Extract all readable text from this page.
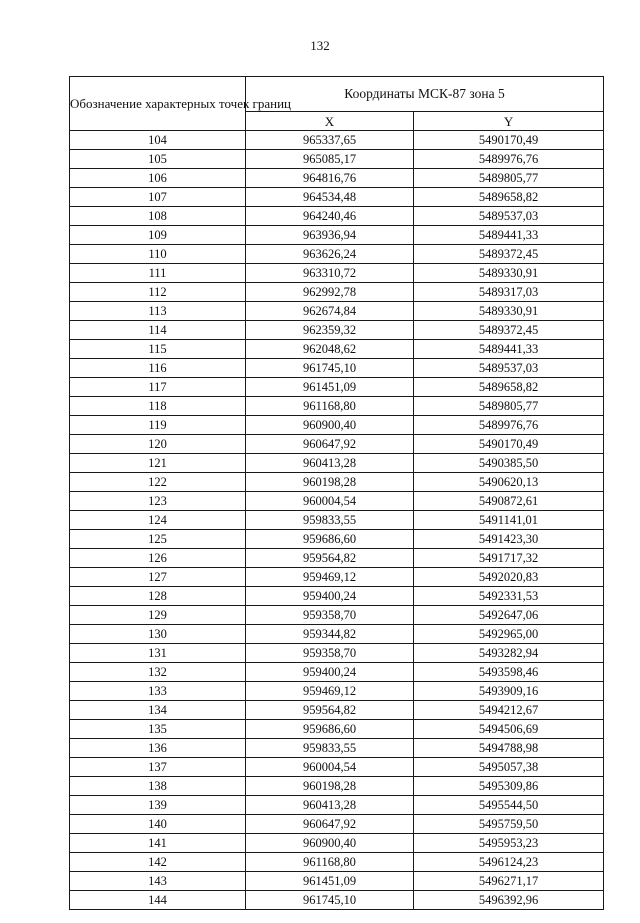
132
Обозначение характерных точек границ	Координаты МСК-87 зона 5	
	X	Y
104	965337,65	5490170,49
105	965085,17	5489976,76
106	964816,76	5489805,77
107	964534,48	5489658,82
108	964240,46	5489537,03
109	963936,94	5489441,33
110	963626,24	5489372,45
111	963310,72	5489330,91
112	962992,78	5489317,03
113	962674,84	5489330,91
114	962359,32	5489372,45
115	962048,62	5489441,33
116	961745,10	5489537,03
117	961451,09	5489658,82
118	961168,80	5489805,77
119	960900,40	5489976,76
120	960647,92	5490170,49
121	960413,28	5490385,50
122	960198,28	5490620,13
123	960004,54	5490872,61
124	959833,55	5491141,01
125	959686,60	5491423,30
126	959564,82	5491717,32
127	959469,12	5492020,83
128	959400,24	5492331,53
129	959358,70	5492647,06
130	959344,82	5492965,00
131	959358,70	5493282,94
132	959400,24	5493598,46
133	959469,12	5493909,16
134	959564,82	5494212,67
135	959686,60	5494506,69
136	959833,55	5494788,98
137	960004,54	5495057,38
138	960198,28	5495309,86
139	960413,28	5495544,50
140	960647,92	5495759,50
141	960900,40	5495953,23
142	961168,80	5496124,23
143	961451,09	5496271,17
144	961745,10	5496392,96
